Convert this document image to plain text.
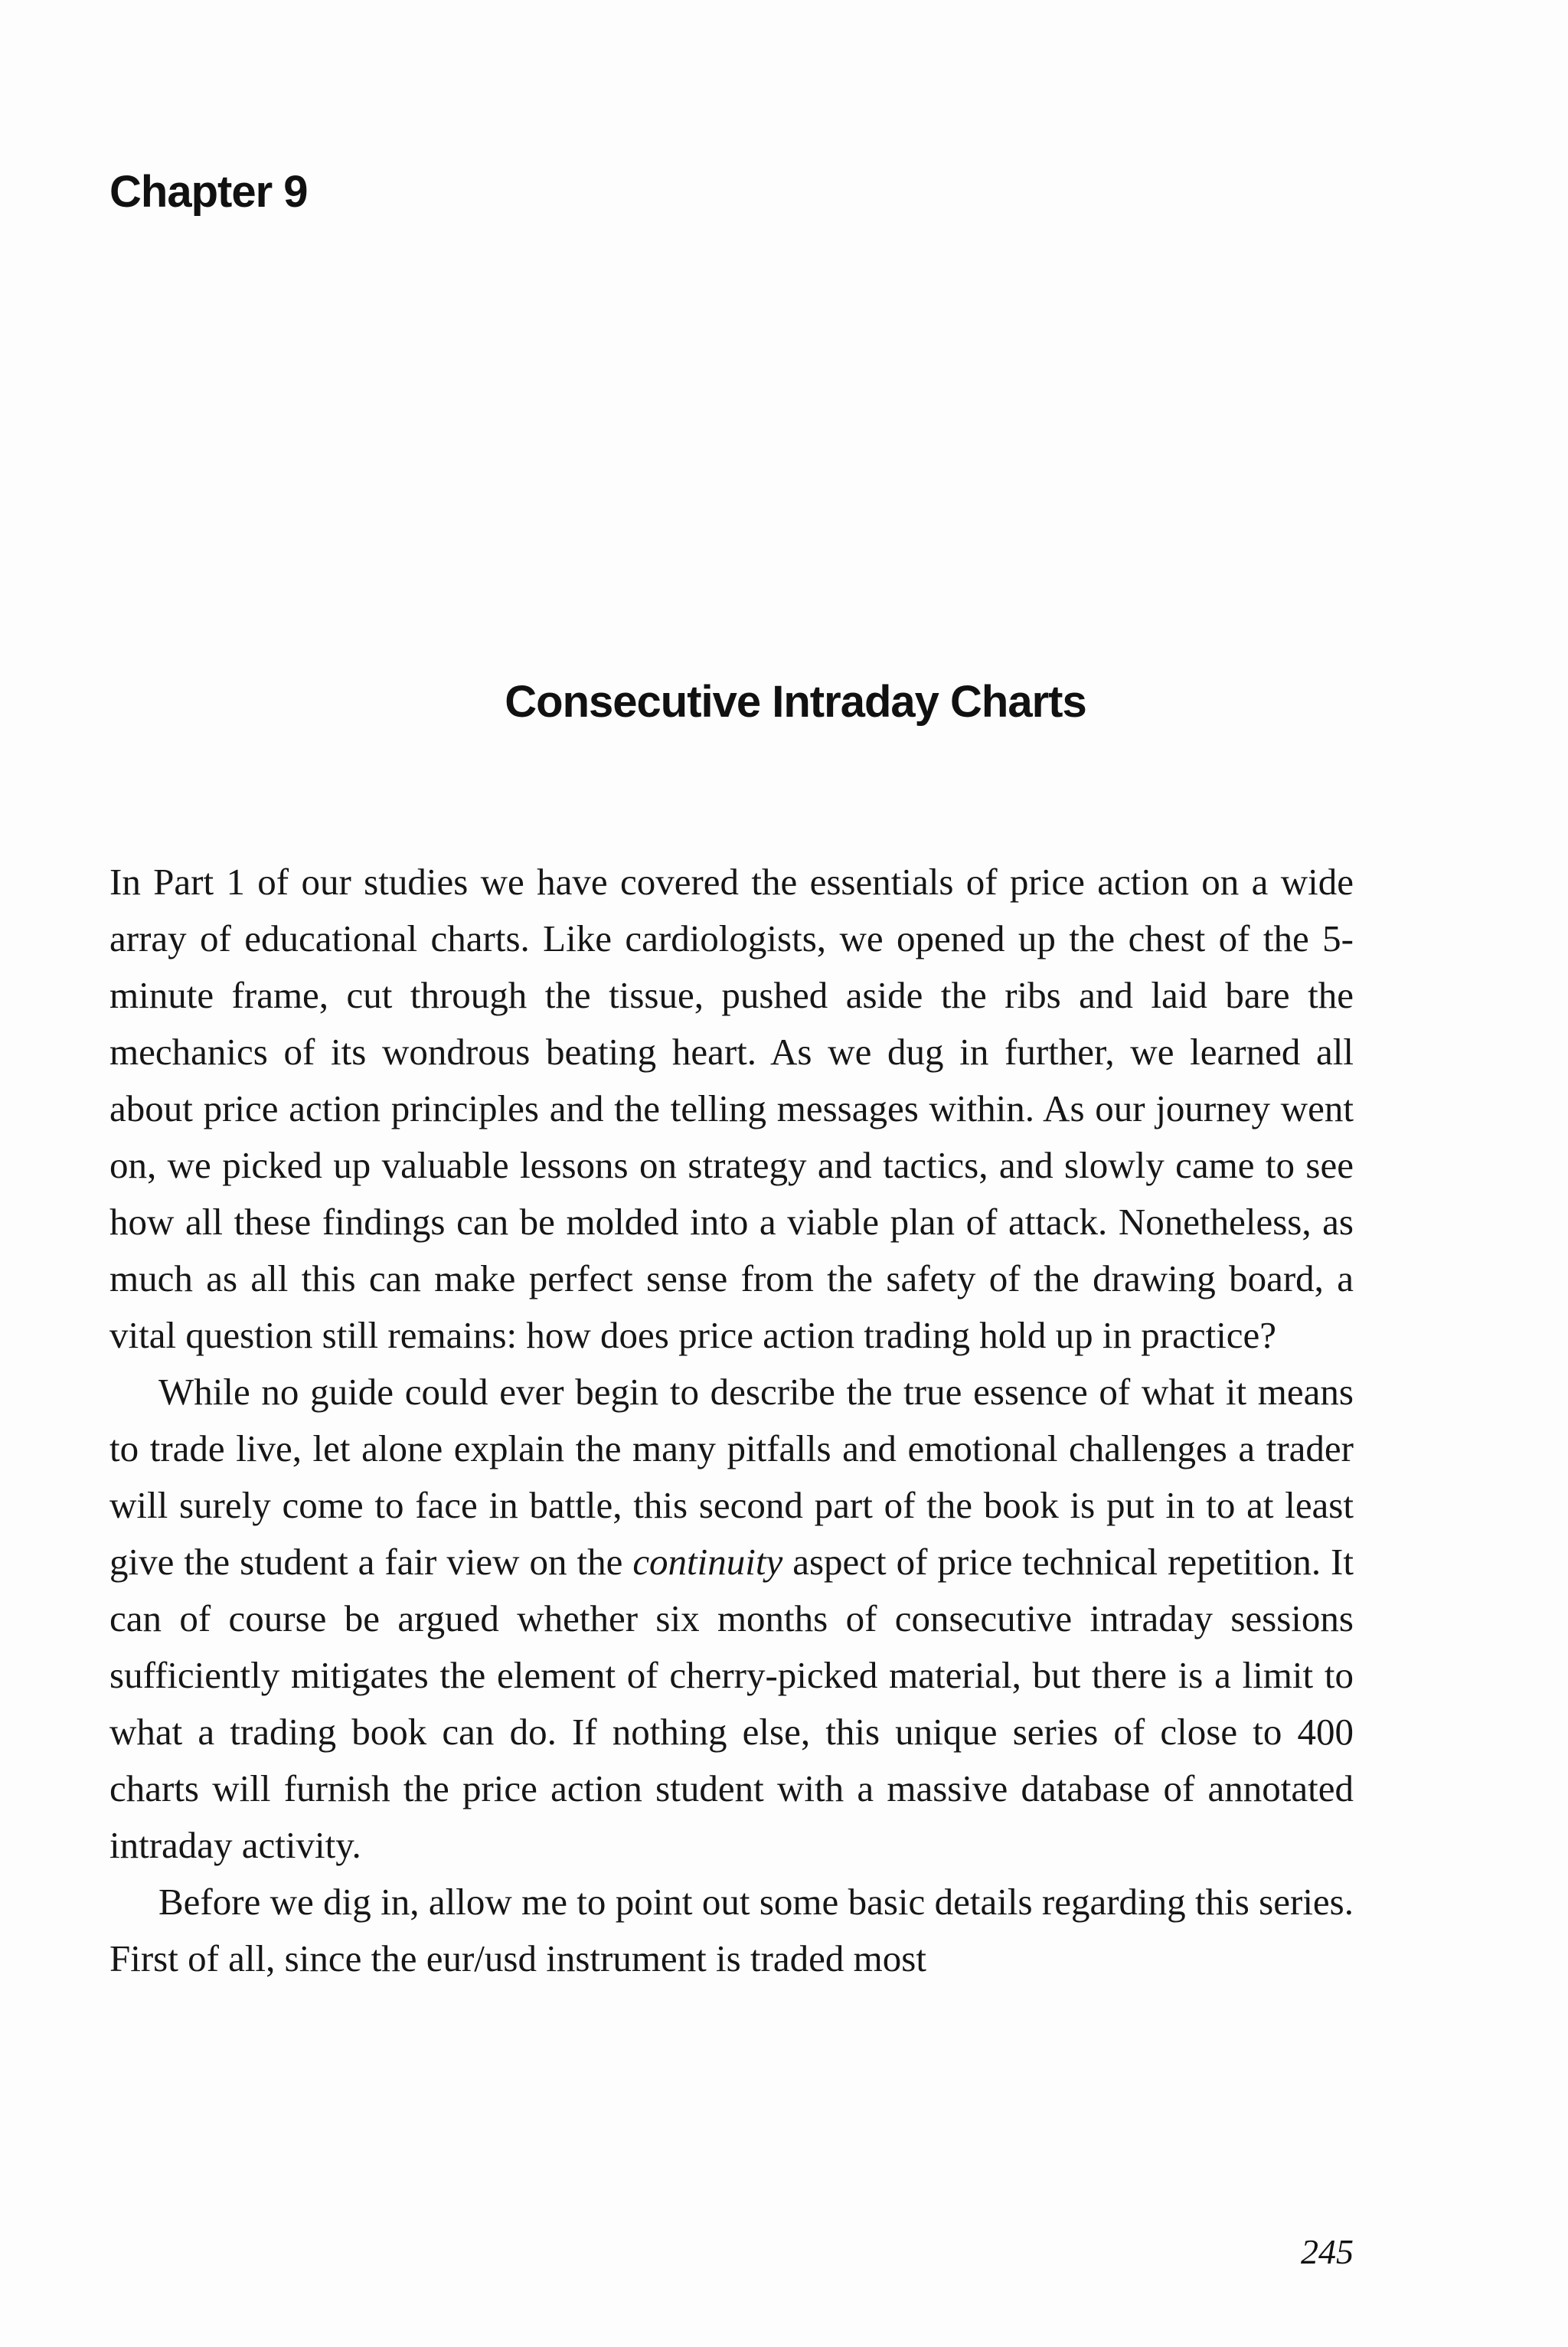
Chapter 9
Consecutive Intraday Charts

In Part 1 of our studies we have covered the essentials of price action on a wide array of educational charts. Like cardiologists, we opened up the chest of the 5-minute frame, cut through the tissue, pushed aside the ribs and laid bare the mechanics of its wondrous beating heart. As we dug in further, we learned all about price action principles and the telling messages within. As our journey went on, we picked up valuable lessons on strategy and tactics, and slowly came to see how all these findings can be molded into a viable plan of attack. Nonetheless, as much as all this can make perfect sense from the safety of the drawing board, a vital question still remains: how does price action trading hold up in practice?

While no guide could ever begin to describe the true essence of what it means to trade live, let alone explain the many pitfalls and emotional challenges a trader will surely come to face in battle, this second part of the book is put in to at least give the student a fair view on the continuity aspect of price technical repetition. It can of course be argued whether six months of consecutive intraday sessions sufficiently mitigates the element of cherry-picked material, but there is a limit to what a trading book can do. If nothing else, this unique series of close to 400 charts will furnish the price action student with a massive database of annotated intraday activity.

Before we dig in, allow me to point out some basic details regarding this series. First of all, since the eur/usd instrument is traded most

245
